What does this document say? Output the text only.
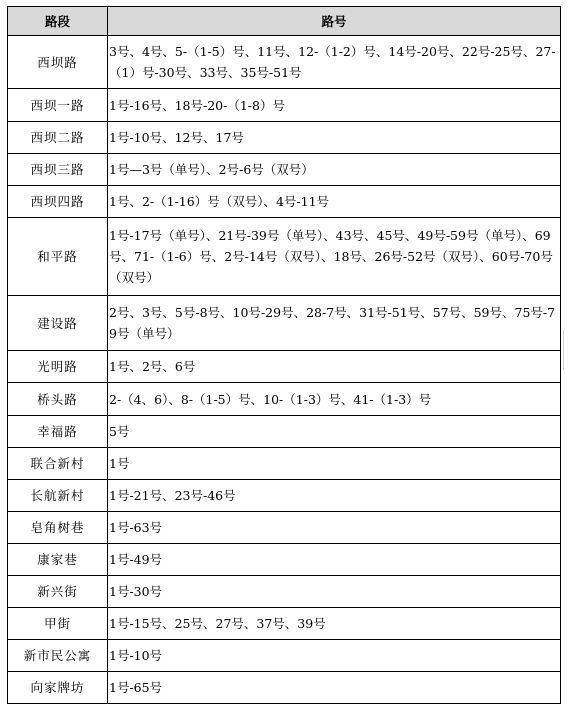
路段	路号
西坝路	3号、4号、5-（1-5）号、11号、12-（1-2）号、14号-20号、22号-25号、27-（1）号-30号、33号、35号-51号
西坝一路	1号-16号、18号-20-（1-8）号
西坝二路	1号-10号、12号、17号
西坝三路	1号—3号（单号）、2号-6号（双号）
西坝四路	1号、2-（1-16）号（双号）、4号-11号
和平路	1号-17号（单号）、21号-39号（单号）、43号、45号、49号-59号（单号）、69号、71-（1-6）号、2号-14号（双号）、18号、26号-52号（双号）、60号-70号（双号）
建设路	2号、3号、5号-8号、10号-29号、28-7号、31号-51号、57号、59号、75号-79号（单号）
光明路	1号、2号、6号
桥头路	2-（4、6）、8-（1-5）号、10-（1-3）号、41-（1-3）号
幸福路	5号
联合新村	1号
长航新村	1号-21号、23号-46号
皂角树巷	1号-63号
康家巷	1号-49号
新兴街	1号-30号
甲街	1号-15号、25号、27号、37号、39号
新市民公寓	1号-10号
向家牌坊	1号-65号
